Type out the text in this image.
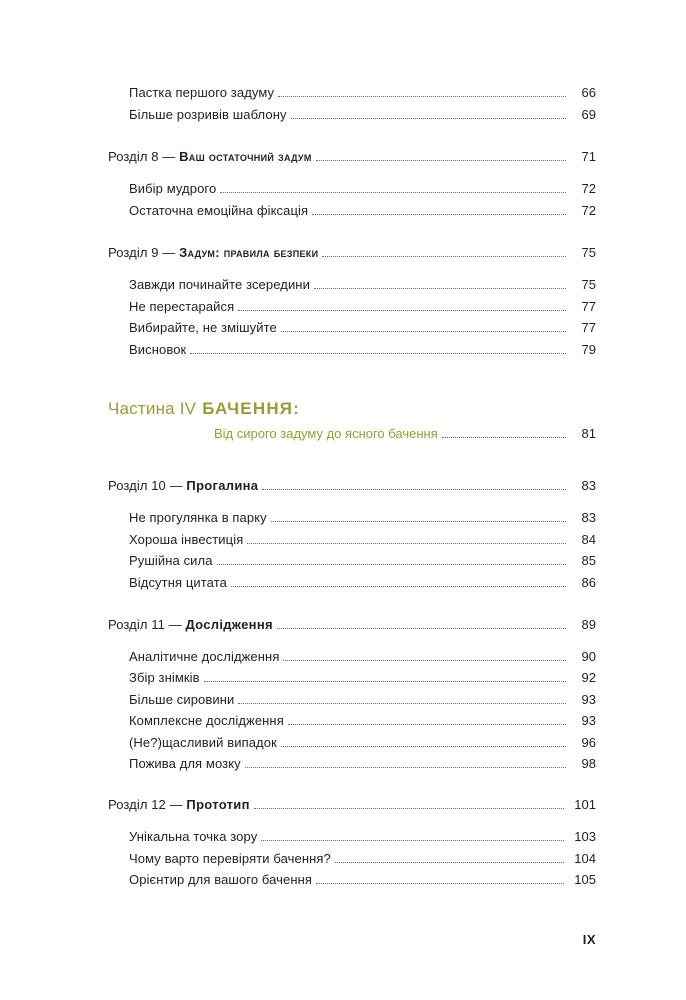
Пастка першого задуму	66
Більше розривів шаблону	69
Розділ 8 — Ваш остаточний задум	71
Вибір мудрого	72
Остаточна емоційна фіксація	72
Розділ 9 — Задум: правила безпеки	75
Завжди починайте зсередини	75
Не перестарайся	77
Вибирайте, не змішуйте	77
Висновок	79
Частина IV БАЧЕННЯ:
Від сирого задуму до ясного бачення	81
Розділ 10 — Прогалина	83
Не прогулянка в парку	83
Хороша інвестиція	84
Рушійна сила	85
Відсутня цитата	86
Розділ 11 — Дослідження	89
Аналітичне дослідження	90
Збір знімків	92
Більше сировини	93
Комплексне дослідження	93
(Не?)щасливий випадок	96
Пожива для мозку	98
Розділ 12 — Прототип	101
Унікальна точка зору	103
Чому варто перевіряти бачення?	104
Орієнтир для вашого бачення	105
IX
